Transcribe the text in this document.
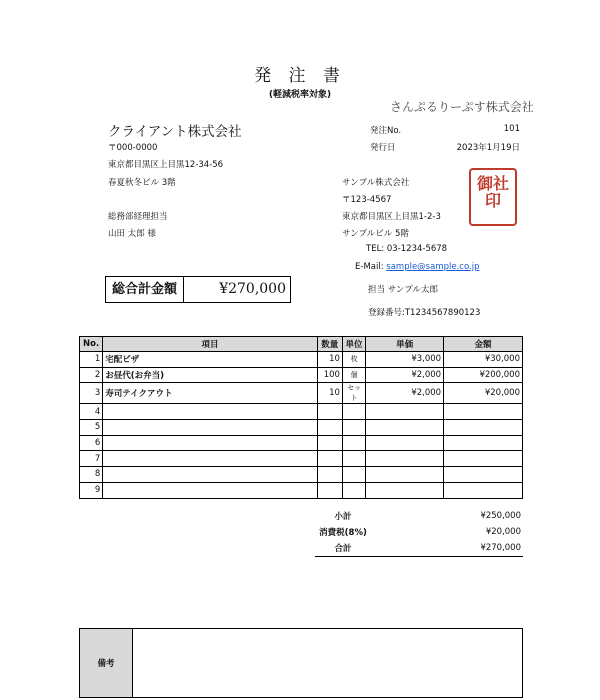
発 注 書
(軽減税率対象)
さんぷるりーぷす株式会社
クライアント株式会社
〒000-0000
東京都目黒区上目黒12-34-56
春夏秋冬ビル 3階
総務部経理担当
山田 太郎 様
発注No.	101
発行日	2023年1月19日
サンプル株式会社
〒123-4567
東京都目黒区上目黒1-2-3
サンプルビル 5階
TEL: 03-1234-5678
E-Mail: sample@sample.co.jp
担当 サンプル太郎
登録番号:T1234567890123
御社印
総合計金額	¥270,000
No.	項目	数量	単位	単価	金額
1	宅配ピザ	10	枚	¥3,000	¥30,000
2	お昼代(お弁当)	100	個	¥2,000	¥200,000
3	寿司テイクアウト	10	セット	¥2,000	¥20,000
4					
5					
6					
7					
8					
9					
小計	¥250,000
消費税(8%)	¥20,000
合計	¥270,000
備考
